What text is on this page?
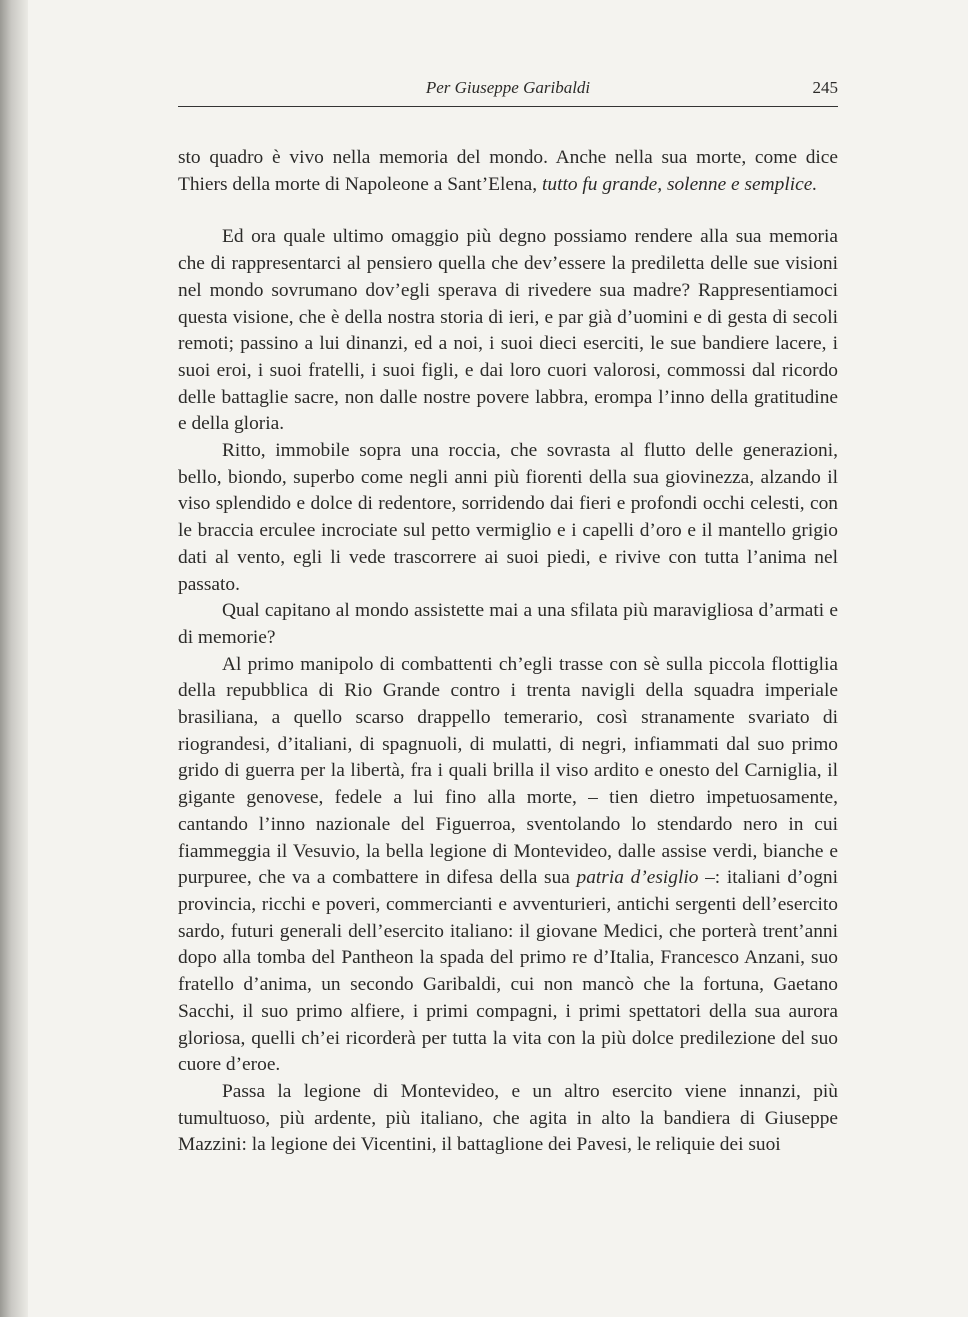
Per Giuseppe Garibaldi	245

sto quadro è vivo nella memoria del mondo. Anche nella sua morte, come dice Thiers della morte di Napoleone a Sant’Elena, tutto fu grande, solenne e semplice.

Ed ora quale ultimo omaggio più degno possiamo rendere alla sua memoria che di rappresentarci al pensiero quella che dev’essere la prediletta delle sue visioni nel mondo sovrumano dov’egli sperava di rivedere sua madre? Rappresentiamoci questa visione, che è della nostra storia di ieri, e par già d’uomini e di gesta di secoli remoti; passino a lui dinanzi, ed a noi, i suoi dieci eserciti, le sue bandiere lacere, i suoi eroi, i suoi fratelli, i suoi figli, e dai loro cuori valorosi, commossi dal ricordo delle battaglie sacre, non dalle nostre povere labbra, erompa l’inno della gratitudine e della gloria.

Ritto, immobile sopra una roccia, che sovrasta al flutto delle generazioni, bello, biondo, superbo come negli anni più fiorenti della sua giovinezza, alzando il viso splendido e dolce di redentore, sorridendo dai fieri e profondi occhi celesti, con le braccia erculee incrociate sul petto vermiglio e i capelli d’oro e il mantello grigio dati al vento, egli li vede trascorrere ai suoi piedi, e rivive con tutta l’anima nel passato.

Qual capitano al mondo assistette mai a una sfilata più maravigliosa d’armati e di memorie?

Al primo manipolo di combattenti ch’egli trasse con sè sulla piccola flottiglia della repubblica di Rio Grande contro i trenta navigli della squadra imperiale brasiliana, a quello scarso drappello temerario, così stranamente svariato di riograndesi, d’italiani, di spagnuoli, di mulatti, di negri, infiammati dal suo primo grido di guerra per la libertà, fra i quali brilla il viso ardito e onesto del Carniglia, il gigante genovese, fedele a lui fino alla morte, – tien dietro impetuosamente, cantando l’inno nazionale del Figuerroa, sventolando lo stendardo nero in cui fiammeggia il Vesuvio, la bella legione di Montevideo, dalle assise verdi, bianche e purpuree, che va a combattere in difesa della sua patria d’esiglio –: italiani d’ogni provincia, ricchi e poveri, commercianti e avventurieri, antichi sergenti dell’esercito sardo, futuri generali dell’esercito italiano: il giovane Medici, che porterà trent’anni dopo alla tomba del Pantheon la spada del primo re d’Italia, Francesco Anzani, suo fratello d’anima, un secondo Garibaldi, cui non mancò che la fortuna, Gaetano Sacchi, il suo primo alfiere, i primi compagni, i primi spettatori della sua aurora gloriosa, quelli ch’ei ricorderà per tutta la vita con la più dolce predilezione del suo cuore d’eroe.

Passa la legione di Montevideo, e un altro esercito viene innanzi, più tumultuoso, più ardente, più italiano, che agita in alto la bandiera di Giuseppe Mazzini: la legione dei Vicentini, il battaglione dei Pavesi, le reliquie dei suoi
